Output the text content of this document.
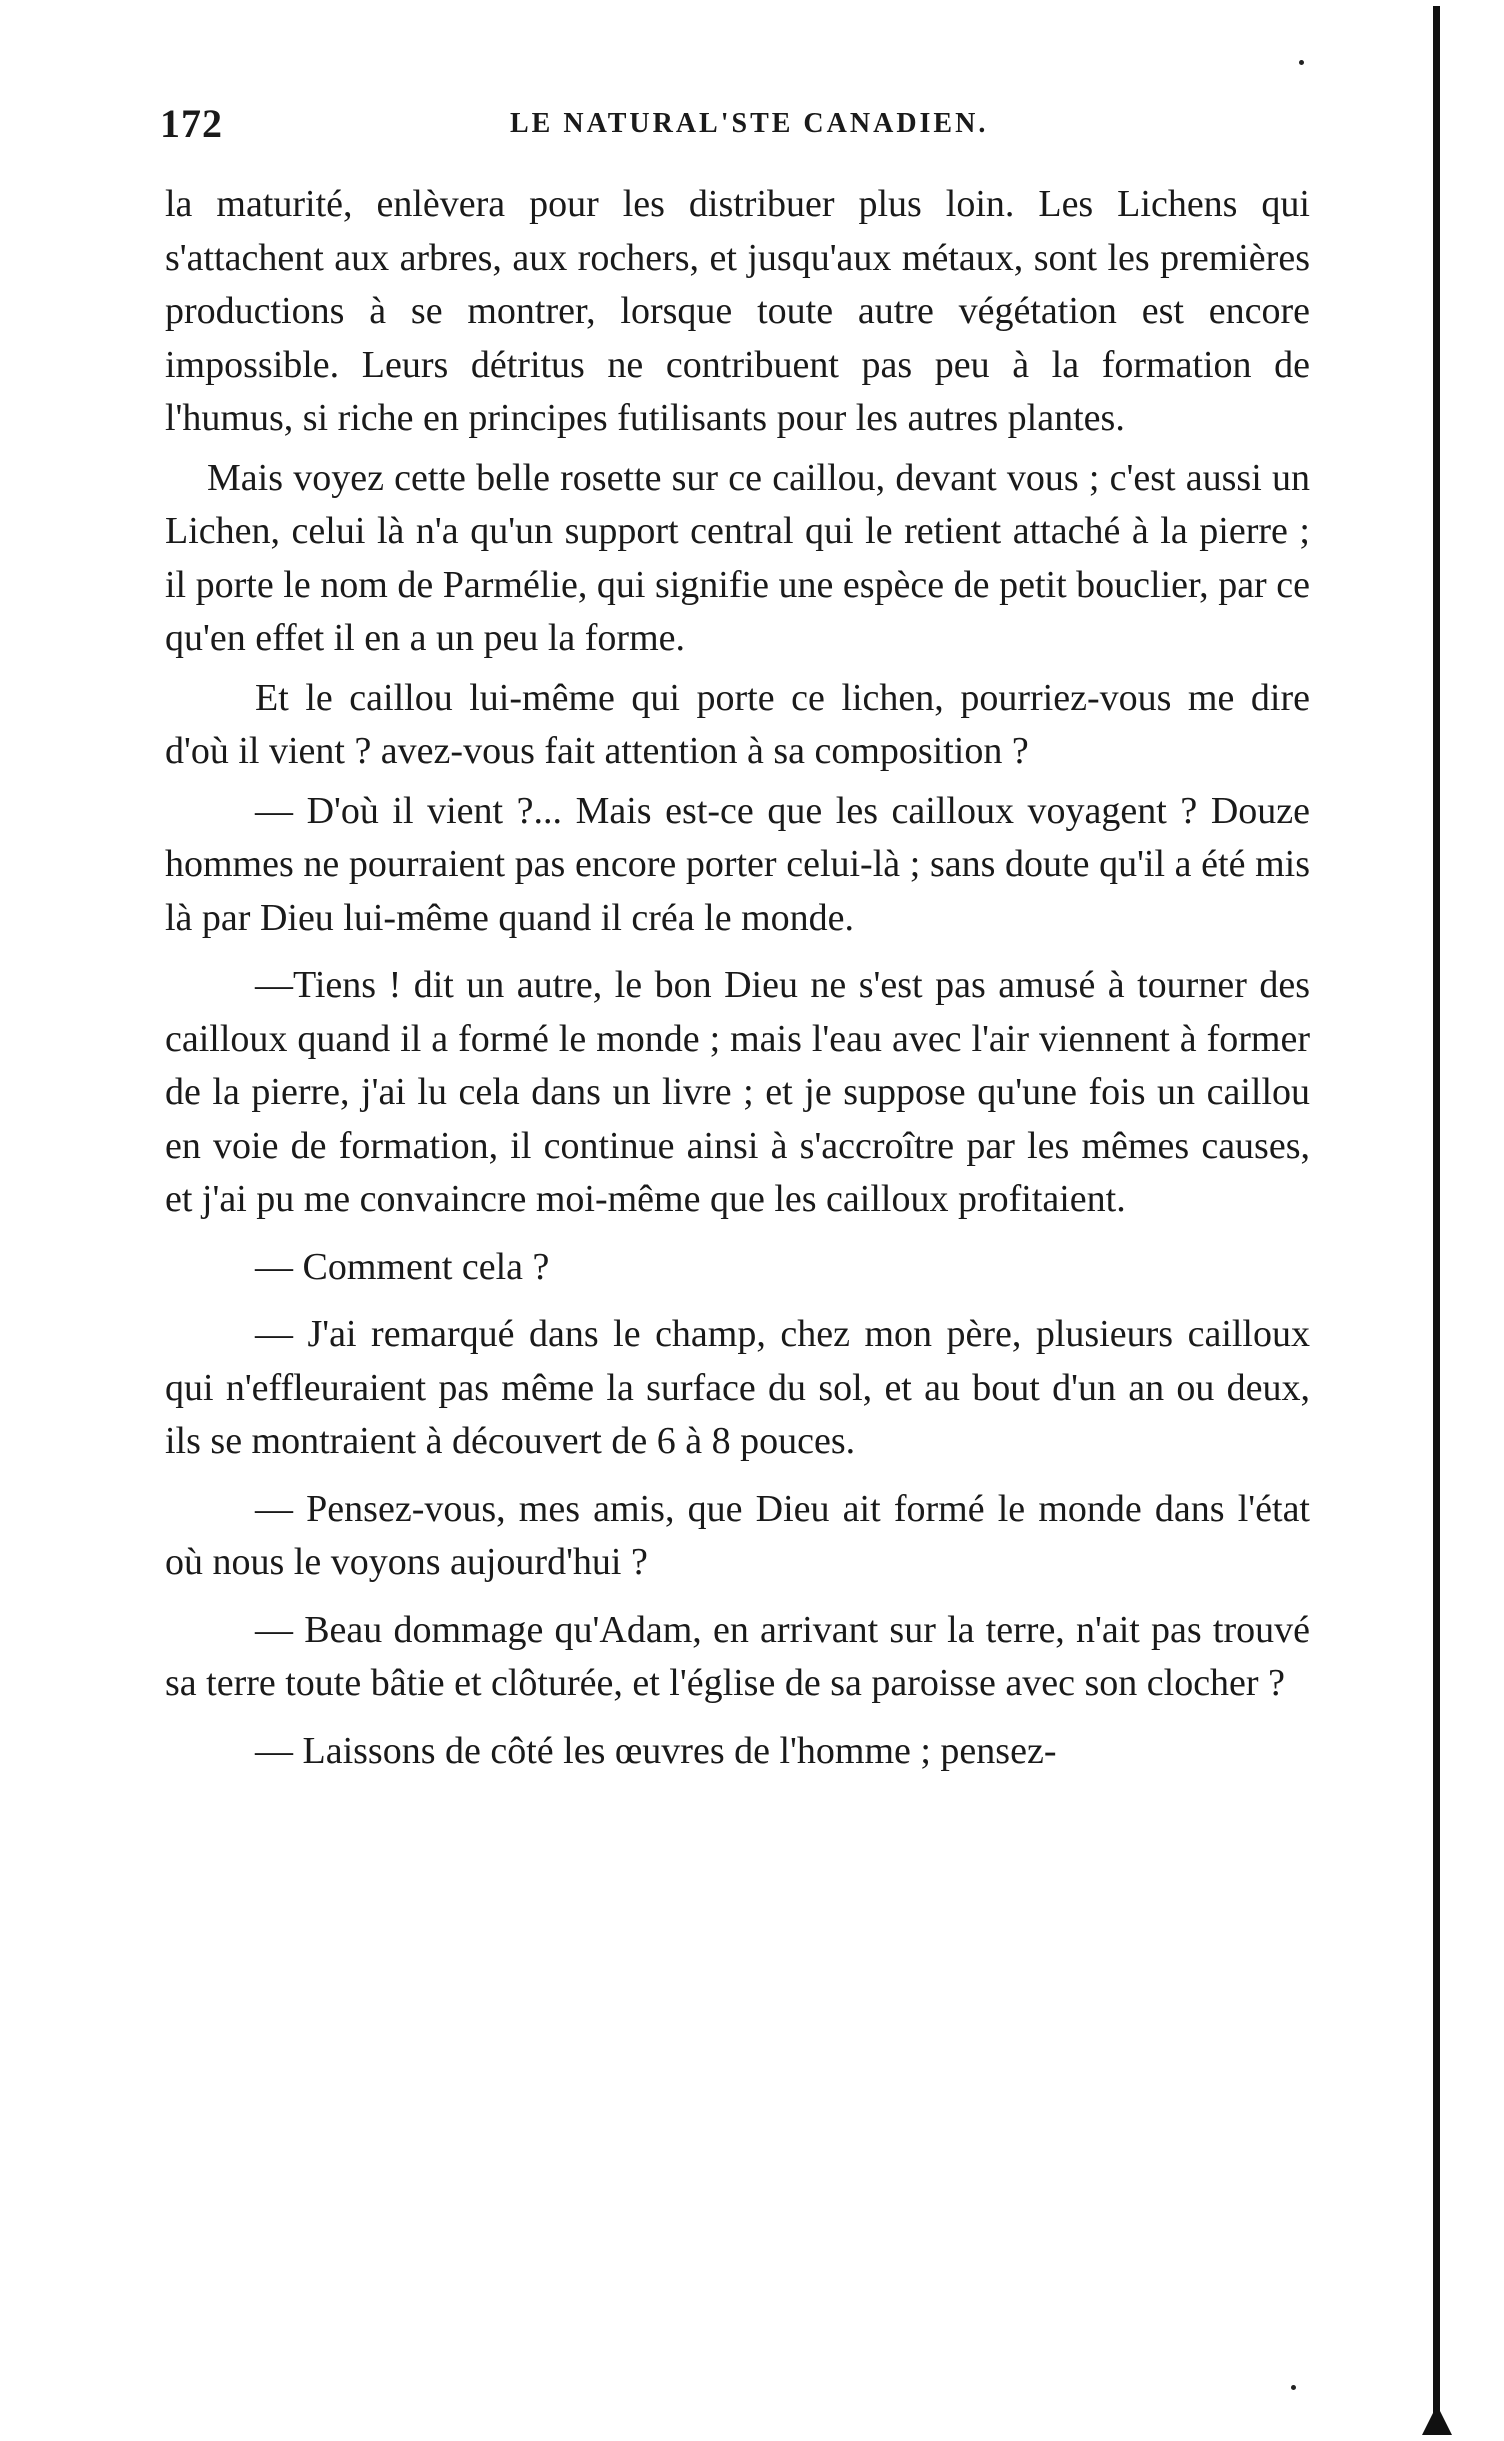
172	LE NATURAL'STE CANADIEN.

la maturité, enlèvera pour les distribuer plus loin. Les Lichens qui s'attachent aux arbres, aux rochers, et jusqu'aux métaux, sont les premières productions à se montrer, lorsque toute autre végétation est encore impossible. Leurs détritus ne contribuent pas peu à la formation de l'humus, si riche en principes futilisants pour les autres plantes.

Mais voyez cette belle rosette sur ce caillou, devant vous ; c'est aussi un Lichen, celui là n'a qu'un support central qui le retient attaché à la pierre ; il porte le nom de Parmélie, qui signifie une espèce de petit bouclier, par ce qu'en effet il en a un peu la forme.

Et le caillou lui-même qui porte ce lichen, pourriez-vous me dire d'où il vient ? avez-vous fait attention à sa composition ?

— D'où il vient ?... Mais est-ce que les cailloux voyagent ? Douze hommes ne pourraient pas encore porter celui-là ; sans doute qu'il a été mis là par Dieu lui-même quand il créa le monde.

—Tiens ! dit un autre, le bon Dieu ne s'est pas amusé à tourner des cailloux quand il a formé le monde ; mais l'eau avec l'air viennent à former de la pierre, j'ai lu cela dans un livre ; et je suppose qu'une fois un caillou en voie de formation, il continue ainsi à s'accroître par les mêmes causes, et j'ai pu me convaincre moi-même que les cailloux profitaient.

— Comment cela ?

— J'ai remarqué dans le champ, chez mon père, plusieurs cailloux qui n'effleuraient pas même la surface du sol, et au bout d'un an ou deux, ils se montraient à découvert de 6 à 8 pouces.

— Pensez-vous, mes amis, que Dieu ait formé le monde dans l'état où nous le voyons aujourd'hui ?

— Beau dommage qu'Adam, en arrivant sur la terre, n'ait pas trouvé sa terre toute bâtie et clôturée, et l'église de sa paroisse avec son clocher ?

— Laissons de côté les œuvres de l'homme ; pensez-
